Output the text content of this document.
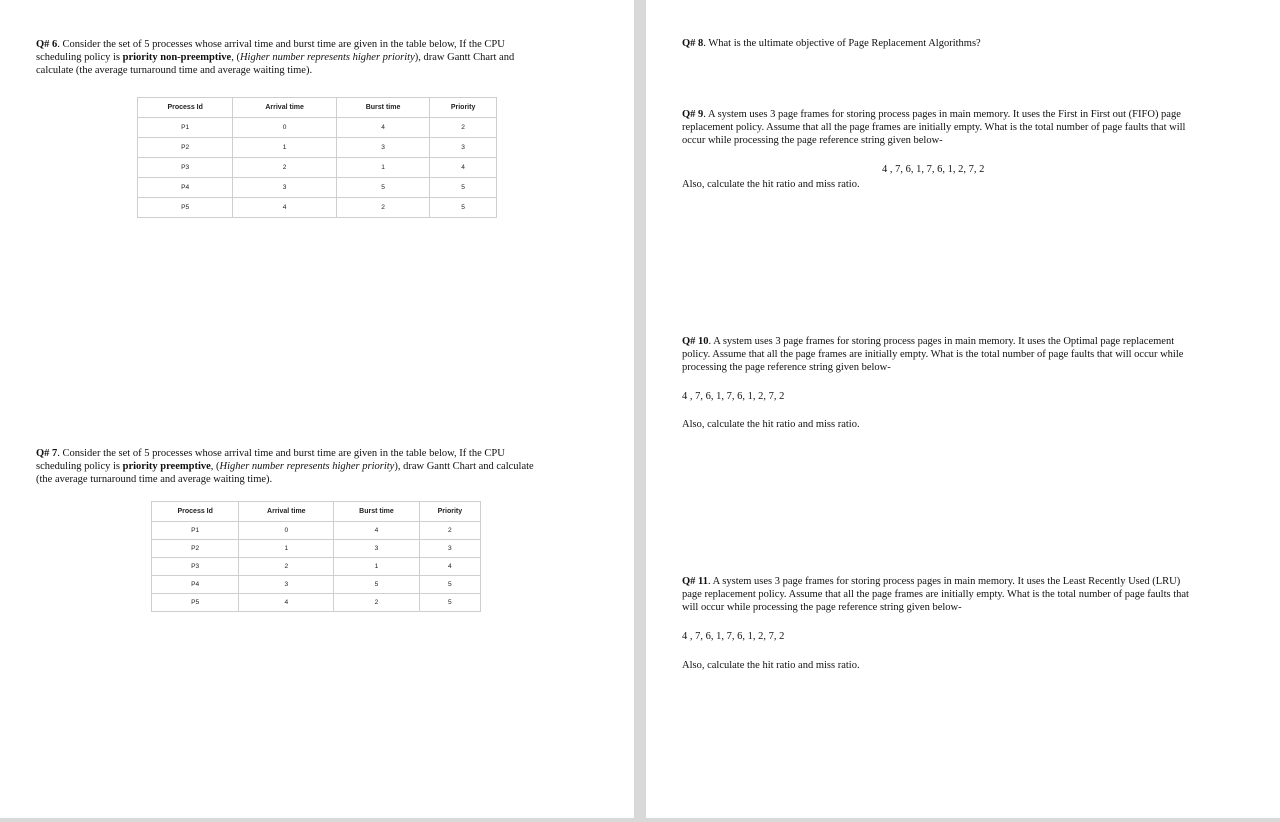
Q# 6. Consider the set of 5 processes whose arrival time and burst time are given in the table below, If the CPU
scheduling policy is priority non-preemptive, (Higher number represents higher priority), draw Gantt Chart and
calculate (the average turnaround time and average waiting time).
Process Id	Arrival time	Burst time	Priority
P1	0	4	2
P2	1	3	3
P3	2	1	4
P4	3	5	5
P5	4	2	5
Q# 7. Consider the set of 5 processes whose arrival time and burst time are given in the table below, If the CPU
scheduling policy is priority preemptive, (Higher number represents higher priority), draw Gantt Chart and calculate
(the average turnaround time and average waiting time).
Process Id	Arrival time	Burst time	Priority
P1	0	4	2
P2	1	3	3
P3	2	1	4
P4	3	5	5
P5	4	2	5
Q# 8. What is the ultimate objective of Page Replacement Algorithms?
Q# 9. A system uses 3 page frames for storing process pages in main memory. It uses the First in First out (FIFO) page
replacement policy. Assume that all the page frames are initially empty. What is the total number of page faults that will
occur while processing the page reference string given below-
4 , 7, 6, 1, 7, 6, 1, 2, 7, 2
Also, calculate the hit ratio and miss ratio.
Q# 10. A system uses 3 page frames for storing process pages in main memory. It uses the Optimal page replacement
policy. Assume that all the page frames are initially empty. What is the total number of page faults that will occur while
processing the page reference string given below-
4 , 7, 6, 1, 7, 6, 1, 2, 7, 2
Also, calculate the hit ratio and miss ratio.
Q# 11. A system uses 3 page frames for storing process pages in main memory. It uses the Least Recently Used (LRU)
page replacement policy. Assume that all the page frames are initially empty. What is the total number of page faults that
will occur while processing the page reference string given below-
4 , 7, 6, 1, 7, 6, 1, 2, 7, 2
Also, calculate the hit ratio and miss ratio.
